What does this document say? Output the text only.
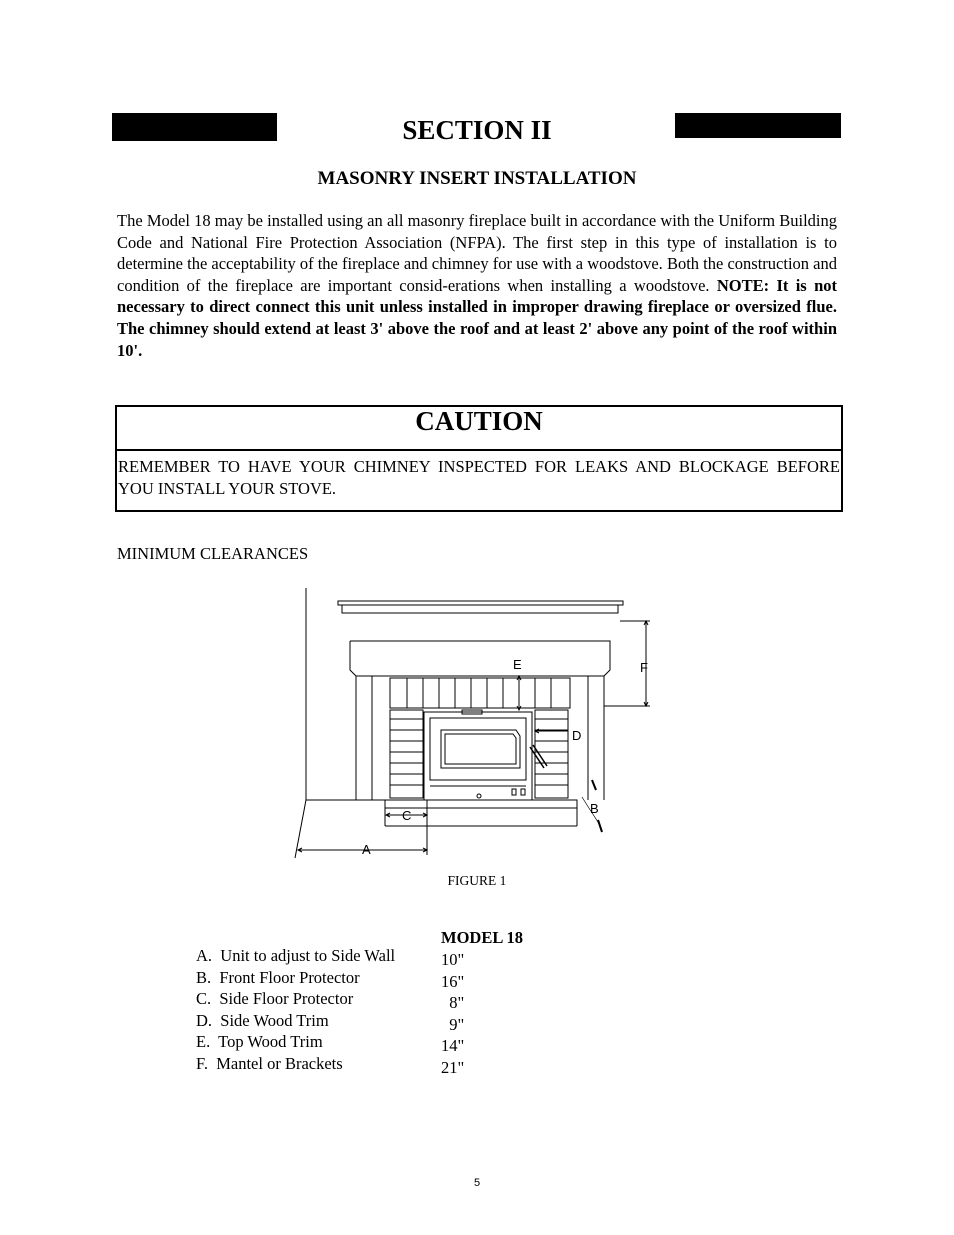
SECTION II
MASONRY INSERT INSTALLATION
The Model 18 may be installed using an all masonry fireplace built in accordance with the Uniform Building Code and National Fire Protection Association (NFPA). The first step in this type of installation is to determine the acceptability of the fireplace and chimney for use with a woodstove. Both the construction and condition of the fireplace are important consid-erations when installing a woodstove. NOTE: It is not necessary to direct connect this unit unless installed in improper drawing fireplace or oversized flue. The chimney should extend at least 3' above the roof and at least 2' above any point of the roof within 10'.
CAUTION
REMEMBER TO HAVE YOUR CHIMNEY INSPECTED FOR LEAKS AND BLOCKAGE BEFORE YOU INSTALL YOUR STOVE.
MINIMUM CLEARANCES
E	F
D
B
C
A
FIGURE 1
MODEL 18
A.  Unit to adjust to Side Wall
B.  Front Floor Protector
C.  Side Floor Protector
D.  Side Wood Trim
E.  Top Wood Trim
F.  Mantel or Brackets
10"
16"
8"
9"
14"
21"
5
